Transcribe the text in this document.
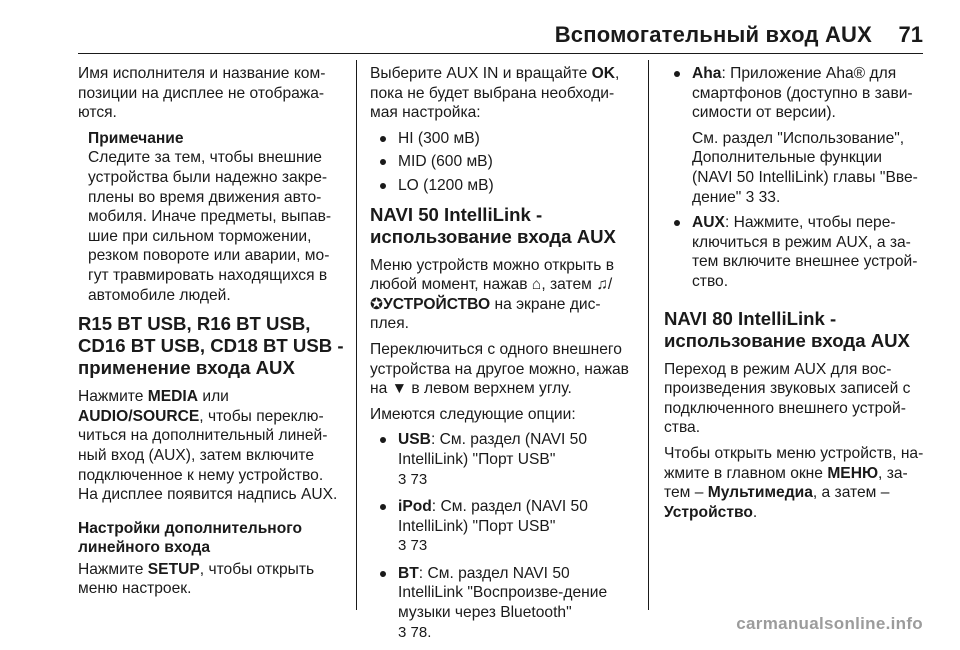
Вспомогательный вход AUX 71

Имя исполнителя и название ком-позиции на дисплее не отобража-ются.

Примечание
Следите за тем, чтобы внешние устройства были надежно закре-плены во время движения авто-мобиля. Иначе предметы, выпав-шие при сильном торможении, резком повороте или аварии, мо-гут травмировать находящихся в автомобиле людей.
R15 BT USB, R16 BT USB, CD16 BT USB, CD18 BT USB - применение входа AUX

Нажмите MEDIA или AUDIO/SOURCE, чтобы переклю-читься на дополнительный линей-ный вход (AUX), затем включите подключенное к нему устройство. На дисплее появится надпись AUX.

Настройки дополнительного линейного входа

Нажмите SETUP, чтобы открыть меню настроек.

Выберите AUX IN и вращайте OK, пока не будет выбрана необходи-мая настройка:

HI (300 мВ)
MID (600 мВ)
LO (1200 мВ)
NAVI 50 IntelliLink - использование входа AUX

Меню устройств можно открыть в любой момент, нажав ⌂, затем ♫/
✪УСТРОЙСТВО на экране дис-плея.

Переключиться с одного внешнего устройства на другое можно, нажав на ▼ в левом верхнем углу.

Имеются следующие опции:

USB: См. раздел (NAVI 50 IntelliLink) "Порт USB"
3 73
iPod: См. раздел (NAVI 50 IntelliLink) "Порт USB"
3 73
BT: См. раздел NAVI 50 IntelliLink "Воспроизве-дение музыки через Bluetooth"
3 78.
Aha: Приложение Aha® для смартфонов (доступно в зави-симости от версии).

См. раздел "Использование", Дополнительные функции (NAVI 50 IntelliLink) главы "Вве-дение" 3 33.

AUX: Нажмите, чтобы пере-ключиться в режим AUX, а за-тем включите внешнее устрой-ство.
NAVI 80 IntelliLink - использование входа AUX

Переход в режим AUX для вос-произведения звуковых записей с подключенного внешнего устрой-ства.

Чтобы открыть меню устройств, на-жмите в главном окне МЕНЮ, за-тем – Мультимедиа, а затем – Устройство.

carmanualsonline.info
